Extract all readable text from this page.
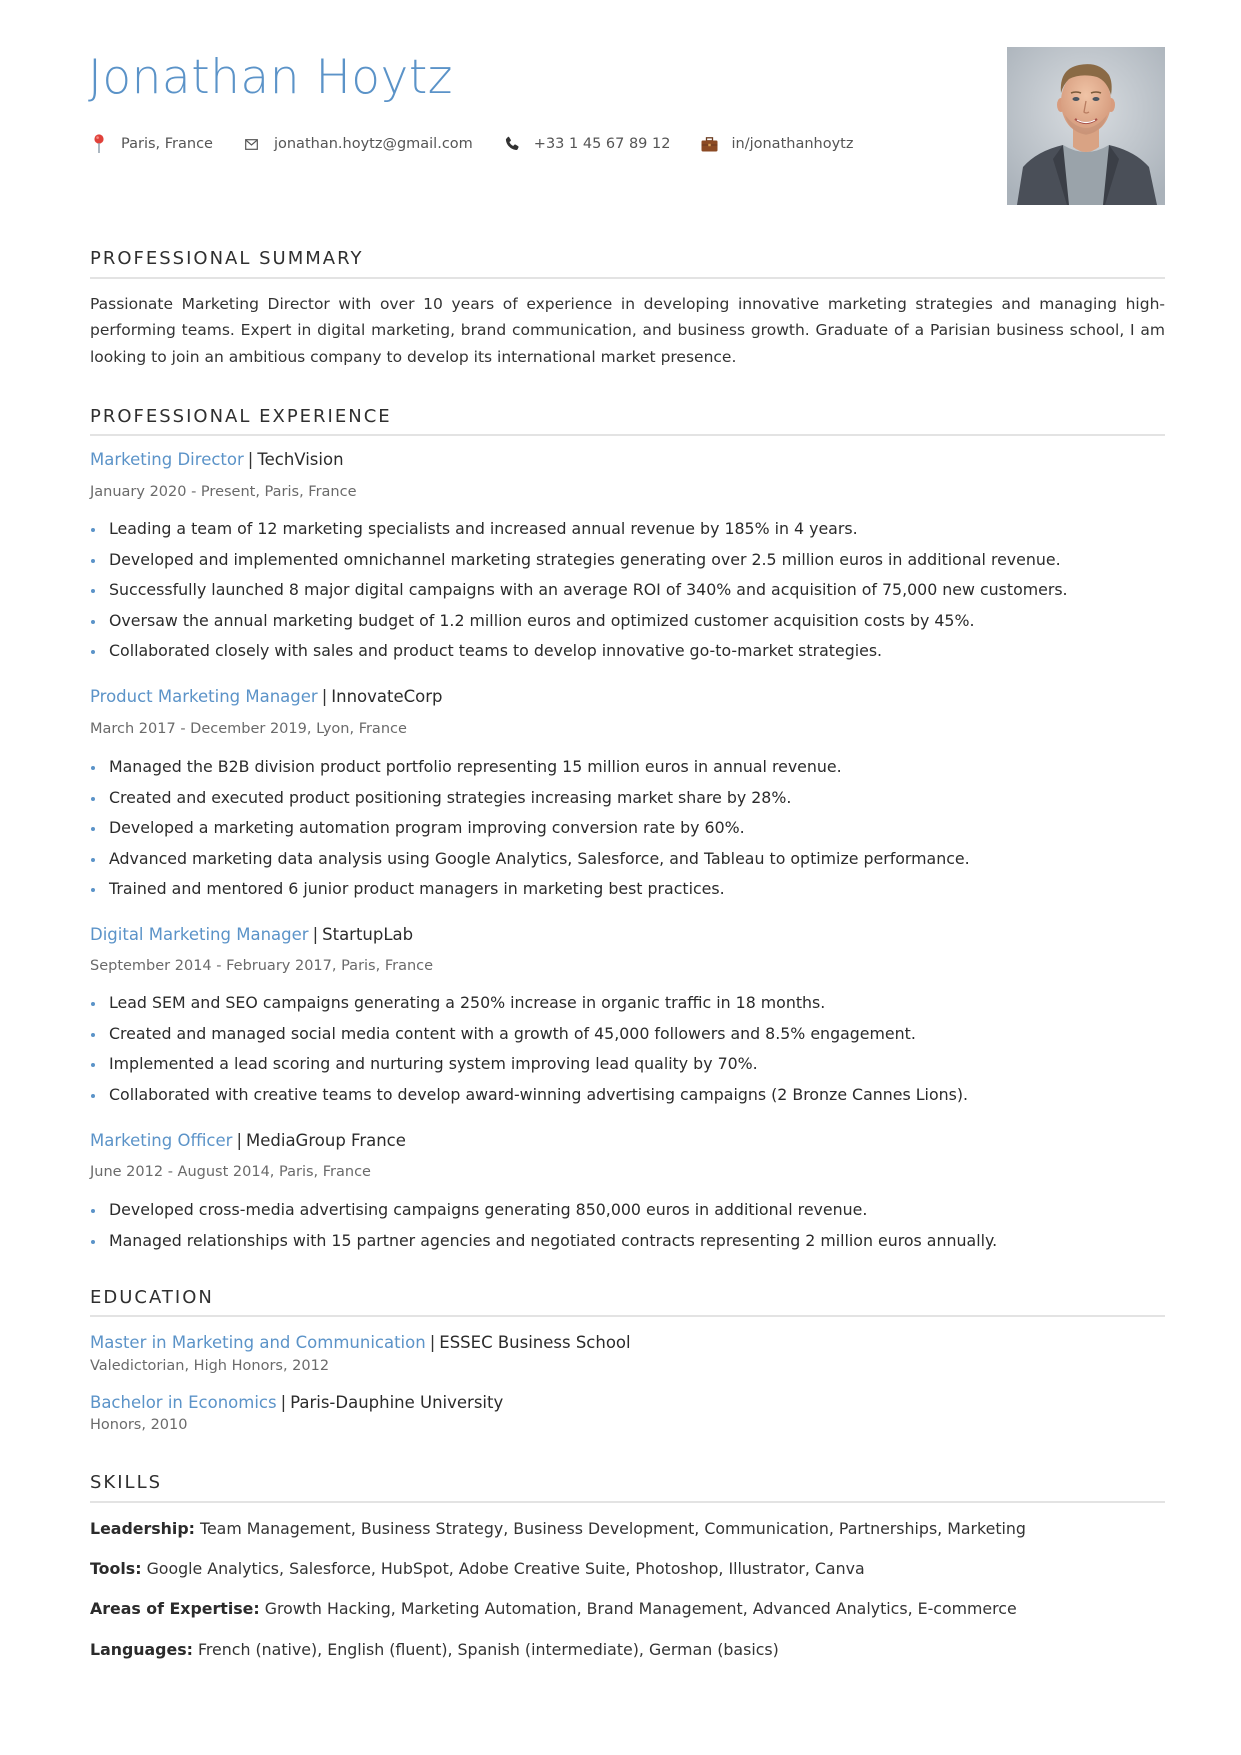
Jonathan Hoytz
Paris, France	jonathan.hoytz@gmail.com	+33 1 45 67 89 12	in/jonathanhoytz
PROFESSIONAL SUMMARY

Passionate Marketing Director with over 10 years of experience in developing innovative marketing strategies and managing high-performing teams. Expert in digital marketing, brand communication, and business growth. Graduate of a Parisian business school, I am looking to join an ambitious company to develop its international market presence.

PROFESSIONAL EXPERIENCE
Marketing Director | TechVision
January 2020 - Present, Paris, France
Leading a team of 12 marketing specialists and increased annual revenue by 185% in 4 years.
Developed and implemented omnichannel marketing strategies generating over 2.5 million euros in additional revenue.
Successfully launched 8 major digital campaigns with an average ROI of 340% and acquisition of 75,000 new customers.
Oversaw the annual marketing budget of 1.2 million euros and optimized customer acquisition costs by 45%.
Collaborated closely with sales and product teams to develop innovative go-to-market strategies.
Product Marketing Manager | InnovateCorp
March 2017 - December 2019, Lyon, France
Managed the B2B division product portfolio representing 15 million euros in annual revenue.
Created and executed product positioning strategies increasing market share by 28%.
Developed a marketing automation program improving conversion rate by 60%.
Advanced marketing data analysis using Google Analytics, Salesforce, and Tableau to optimize performance.
Trained and mentored 6 junior product managers in marketing best practices.
Digital Marketing Manager | StartupLab
September 2014 - February 2017, Paris, France
Lead SEM and SEO campaigns generating a 250% increase in organic traffic in 18 months.
Created and managed social media content with a growth of 45,000 followers and 8.5% engagement.
Implemented a lead scoring and nurturing system improving lead quality by 70%.
Collaborated with creative teams to develop award-winning advertising campaigns (2 Bronze Cannes Lions).
Marketing Officer | MediaGroup France
June 2012 - August 2014, Paris, France
Developed cross-media advertising campaigns generating 850,000 euros in additional revenue.
Managed relationships with 15 partner agencies and negotiated contracts representing 2 million euros annually.
EDUCATION
Master in Marketing and Communication | ESSEC Business School
Valedictorian, High Honors, 2012
Bachelor in Economics | Paris-Dauphine University
Honors, 2010
SKILLS
Leadership: Team Management, Business Strategy, Business Development, Communication, Partnerships, Marketing
Tools: Google Analytics, Salesforce, HubSpot, Adobe Creative Suite, Photoshop, Illustrator, Canva
Areas of Expertise: Growth Hacking, Marketing Automation, Brand Management, Advanced Analytics, E-commerce
Languages: French (native), English (fluent), Spanish (intermediate), German (basics)
